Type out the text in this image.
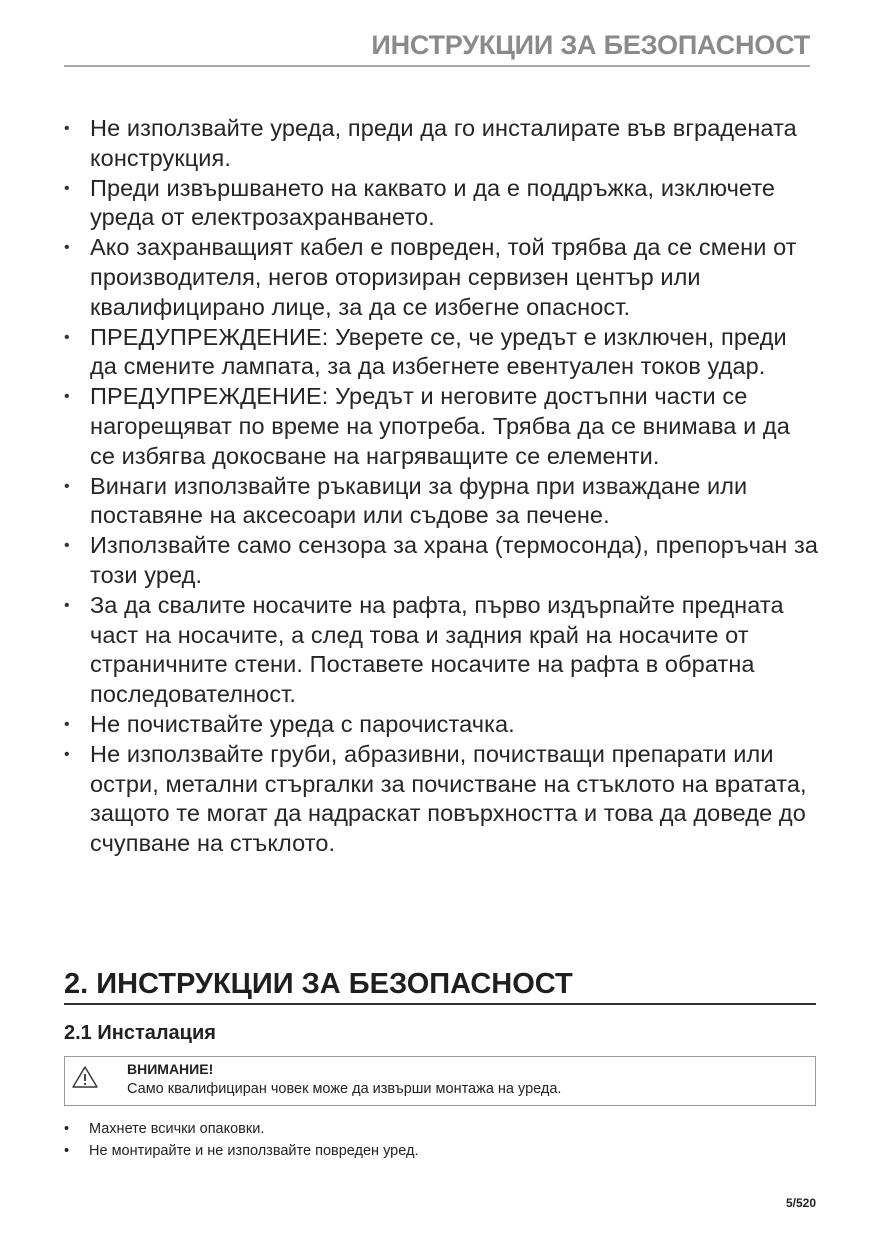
ИНСТРУКЦИИ ЗА БЕЗОПАСНОСТ
• Не използвайте уреда, преди да го инсталирате във вградената конструкция.
• Преди извършването на каквато и да е поддръжка, изключете уреда от електрозахранването.
• Ако захранващият кабел е повреден, той трябва да се смени от производителя, негов оторизиран сервизен център или квалифицирано лице, за да се избегне опасност.
• ПРЕДУПРЕЖДЕНИЕ: Уверете се, че уредът е изключен, преди да смените лампата, за да избегнете евентуален токов удар.
• ПРЕДУПРЕЖДЕНИЕ: Уредът и неговите достъпни части се нагорещяват по време на употреба. Трябва да се внимава и да се избягва докосване на нагряващите се елементи.
• Винаги използвайте ръкавици за фурна при изваждане или поставяне на аксесоари или съдове за печене.
• Използвайте само сензора за храна (термосонда), препоръчан за този уред.
• За да свалите носачите на рафта, първо издърпайте предната част на носачите, а след това и задния край на носачите от страничните стени. Поставете носачите на рафта в обратна последователност.
• Не почиствайте уреда с парочистачка.
• Не използвайте груби, абразивни, почистващи препарати или остри, метални стъргалки за почистване на стъклото на вратата, защото те могат да надраскат повърхността и това да доведе до счупване на стъклото.
2. ИНСТРУКЦИИ ЗА БЕЗОПАСНОСТ
2.1 Инсталация
ВНИМАНИЕ!
Само квалифициран човек може да извърши монтажа на уреда.
• Махнете всички опаковки.
• Не монтирайте и не използвайте повреден уред.
5/520
